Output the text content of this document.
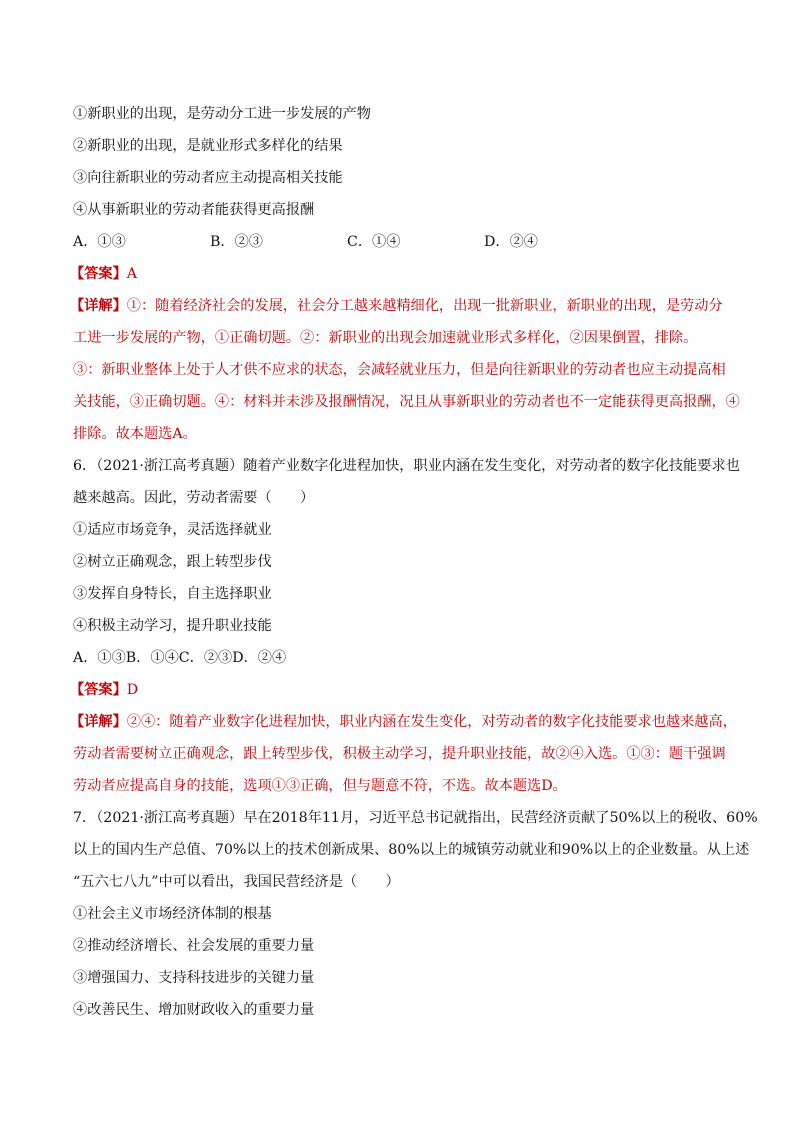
①新职业的出现，是劳动分工进一步发展的产物

②新职业的出现，是就业形式多样化的结果

③向往新职业的劳动者应主动提高相关技能

④从事新职业的劳动者能获得更高报酬

A．①③	B．②③	C．①④	D．②④

【答案】A

【详解】①：随着经济社会的发展，社会分工越来越精细化，出现一批新职业，新职业的出现，是劳动分

工进一步发展的产物，①正确切题。②：新职业的出现会加速就业形式多样化，②因果倒置，排除。

③：新职业整体上处于人才供不应求的状态，会减轻就业压力，但是向往新职业的劳动者也应主动提高相

关技能，③正确切题。④：材料并未涉及报酬情况，况且从事新职业的劳动者也不一定能获得更高报酬，④

排除。故本题选A。

6．（2021·浙江高考真题）随着产业数字化进程加快，职业内涵在发生变化，对劳动者的数字化技能要求也

越来越高。因此，劳动者需要（　　）

①适应市场竞争，灵活选择就业

②树立正确观念，跟上转型步伐

③发挥自身特长，自主选择职业

④积极主动学习，提升职业技能

A．①③B．①④C．②③D．②④

【答案】D

【详解】②④：随着产业数字化进程加快，职业内涵在发生变化，对劳动者的数字化技能要求也越来越高，

劳动者需要树立正确观念，跟上转型步伐，积极主动学习，提升职业技能，故②④入选。①③：题干强调

劳动者应提高自身的技能，选项①③正确，但与题意不符，不选。故本题选D。

7．（2021·浙江高考真题）早在2018年11月，习近平总书记就指出，民营经济贡献了50%以上的税收、60%

以上的国内生产总值、70%以上的技术创新成果、80%以上的城镇劳动就业和90%以上的企业数量。从上述

“五六七八九”中可以看出，我国民营经济是（　　）

①社会主义市场经济体制的根基

②推动经济增长、社会发展的重要力量

③增强国力、支持科技进步的关键力量

④改善民生、增加财政收入的重要力量
